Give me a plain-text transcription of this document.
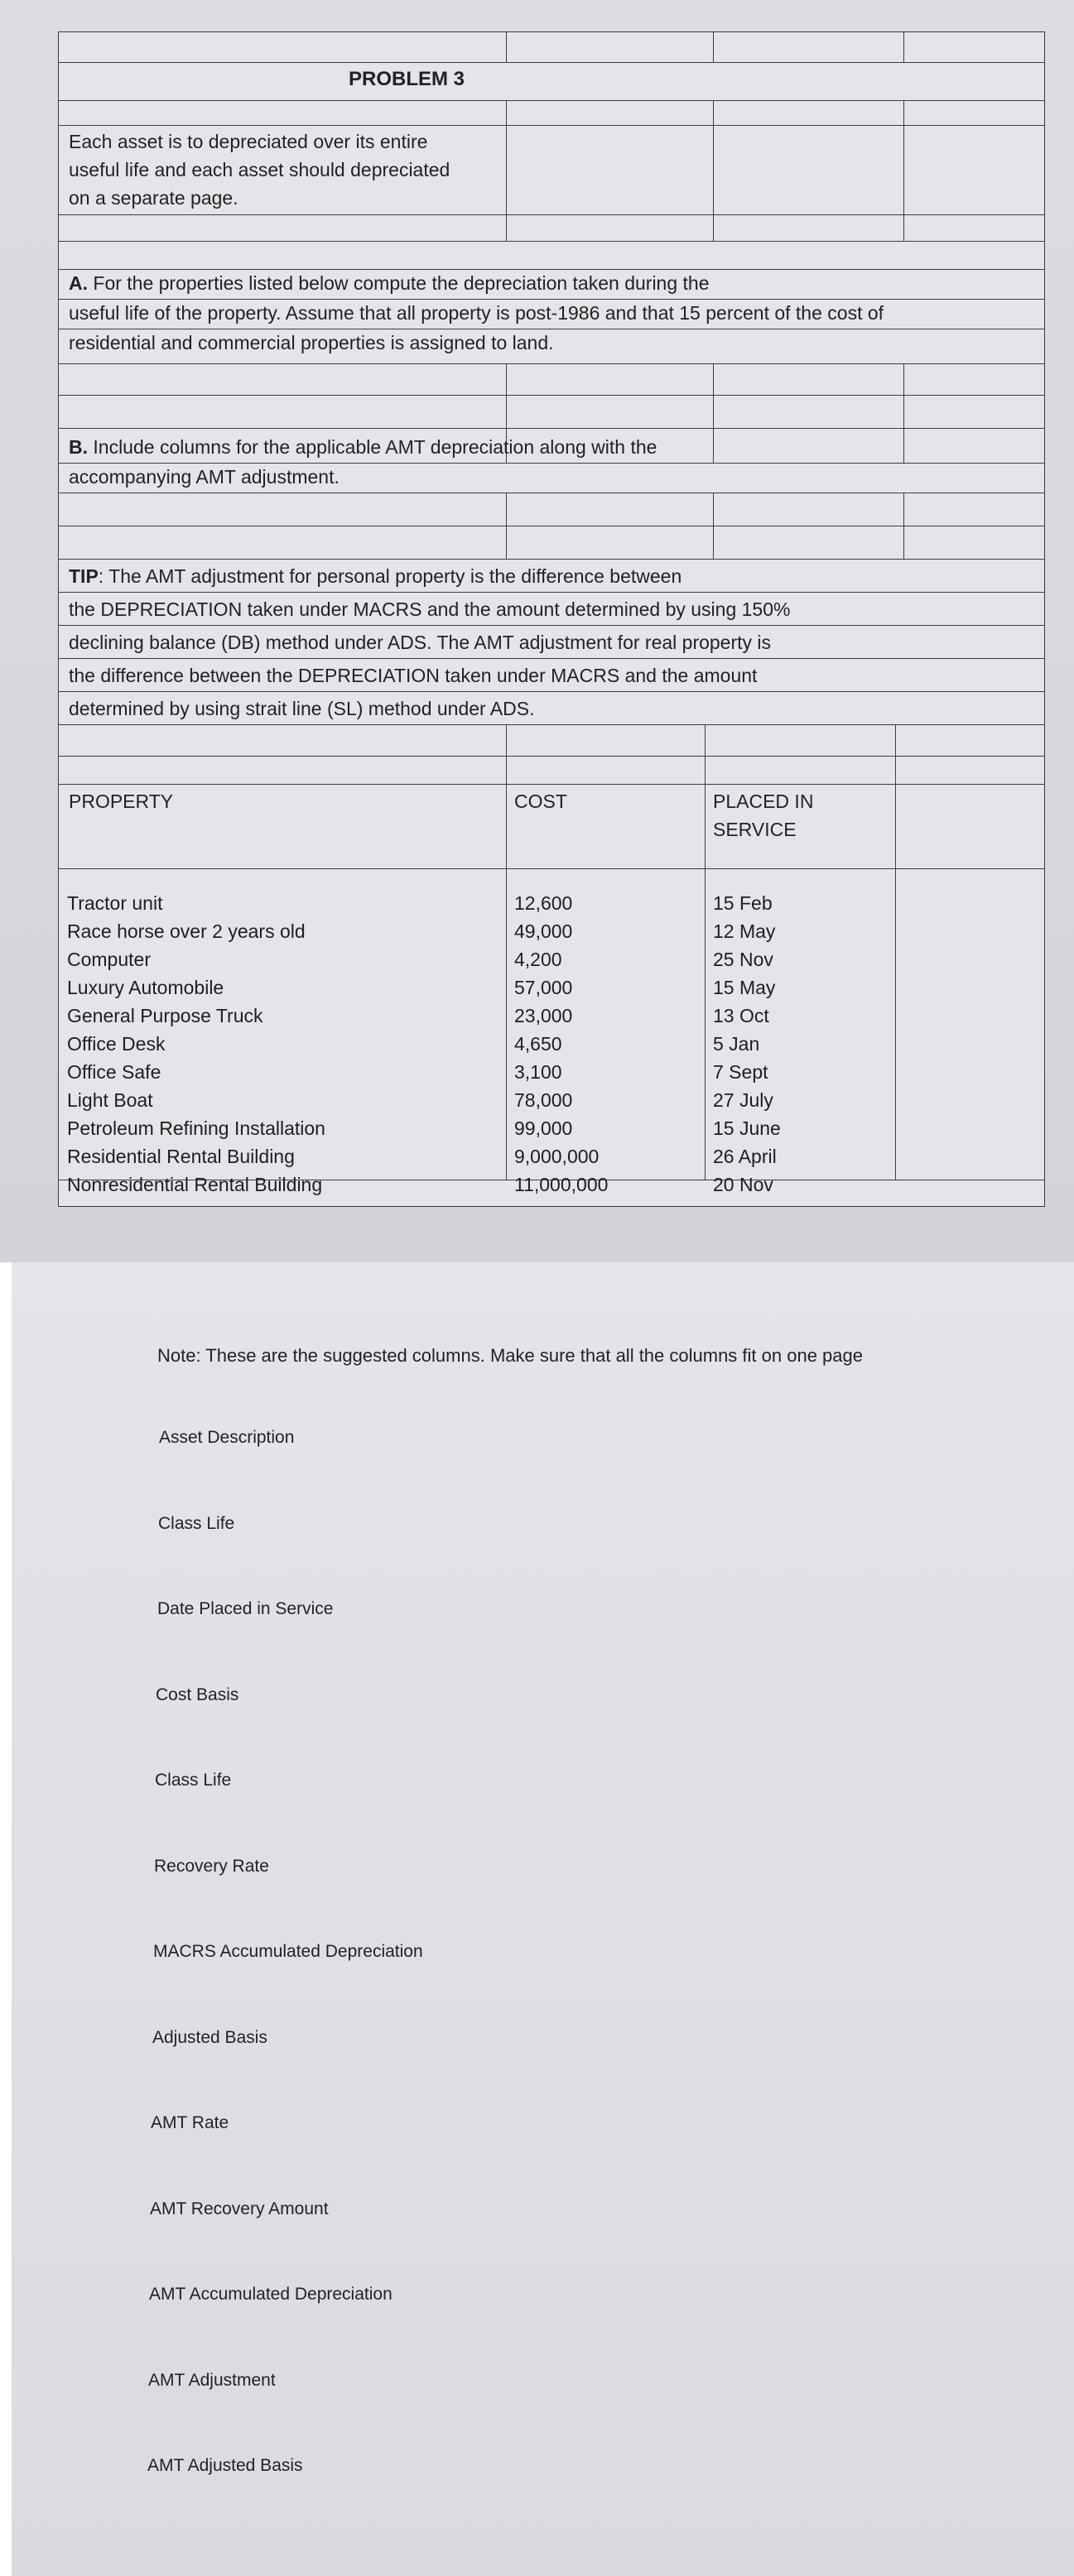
PROBLEM 3
Each asset is to depreciated over its entire
useful life and each asset should depreciated
on a separate page.
A. For the properties listed below compute the depreciation taken during the
useful life of the property. Assume that all property is post-1986 and that 15 percent of the cost of
residential and commercial properties is assigned to land.
B. Include columns for the applicable AMT depreciation along with the
accompanying AMT adjustment.
TIP: The AMT adjustment for personal property is the difference between
the DEPRECIATION taken under MACRS and the amount determined by using 150%
declining balance (DB) method under ADS. The AMT adjustment for real property is
the difference between the DEPRECIATION taken under MACRS and the amount
determined by using strait line (SL) method under ADS.
PROPERTY	COST	PLACED IN
SERVICE
Tractor unit	12,600	15 Feb
Race horse over 2 years old	49,000	12 May
Computer	4,200	25 Nov
Luxury Automobile	57,000	15 May
General Purpose Truck	23,000	13 Oct
Office Desk	4,650	5 Jan
Office Safe	3,100	7 Sept
Light Boat	78,000	27 July
Petroleum Refining Installation	99,000	15 June
Residential Rental Building	9,000,000	26 April
Nonresidential Rental Building	11,000,000	20 Nov
Note: These are the suggested columns. Make sure that all the columns fit on one page
Asset Description
Class Life
Date Placed in Service
Cost Basis
Class Life
Recovery Rate
MACRS Accumulated Depreciation
Adjusted Basis
AMT Rate
AMT Recovery Amount
AMT Accumulated Depreciation
AMT Adjustment
AMT Adjusted Basis
